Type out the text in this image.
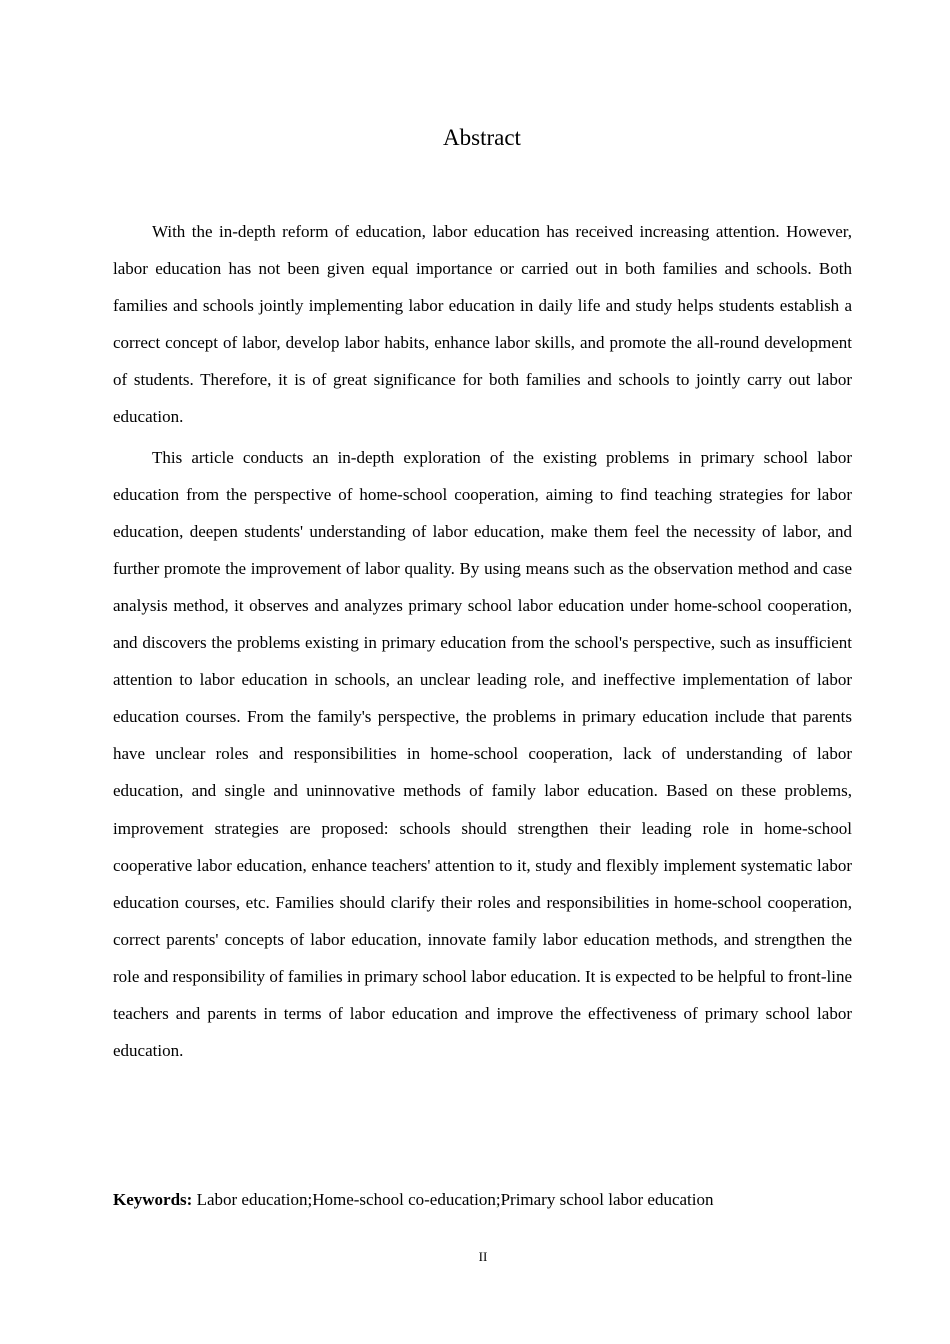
Abstract

With the in-depth reform of education, labor education has received increasing attention. However, labor education has not been given equal importance or carried out in both families and schools. Both families and schools jointly implementing labor education in daily life and study helps students establish a correct concept of labor, develop labor habits, enhance labor skills, and promote the all-round development of students. Therefore, it is of great significance for both families and schools to jointly carry out labor education.

This article conducts an in-depth exploration of the existing problems in primary school labor education from the perspective of home-school cooperation, aiming to find teaching strategies for labor education, deepen students' understanding of labor education, make them feel the necessity of labor, and further promote the improvement of labor quality. By using means such as the observation method and case analysis method, it observes and analyzes primary school labor education under home-school cooperation, and discovers the problems existing in primary education from the school's perspective, such as insufficient attention to labor education in schools, an unclear leading role, and ineffective implementation of labor education courses. From the family's perspective, the problems in primary education include that parents have unclear roles and responsibilities in home-school cooperation, lack of understanding of labor education, and single and uninnovative methods of family labor education. Based on these problems, improvement strategies are proposed: schools should strengthen their leading role in home-school cooperative labor education, enhance teachers' attention to it, study and flexibly implement systematic labor education courses, etc. Families should clarify their roles and responsibilities in home-school cooperation, correct parents' concepts of labor education, innovate family labor education methods, and strengthen the role and responsibility of families in primary school labor education. It is expected to be helpful to front-line teachers and parents in terms of labor education and improve the effectiveness of primary school labor education.

Keywords: Labor education;Home-school co-education;Primary school labor education

II
